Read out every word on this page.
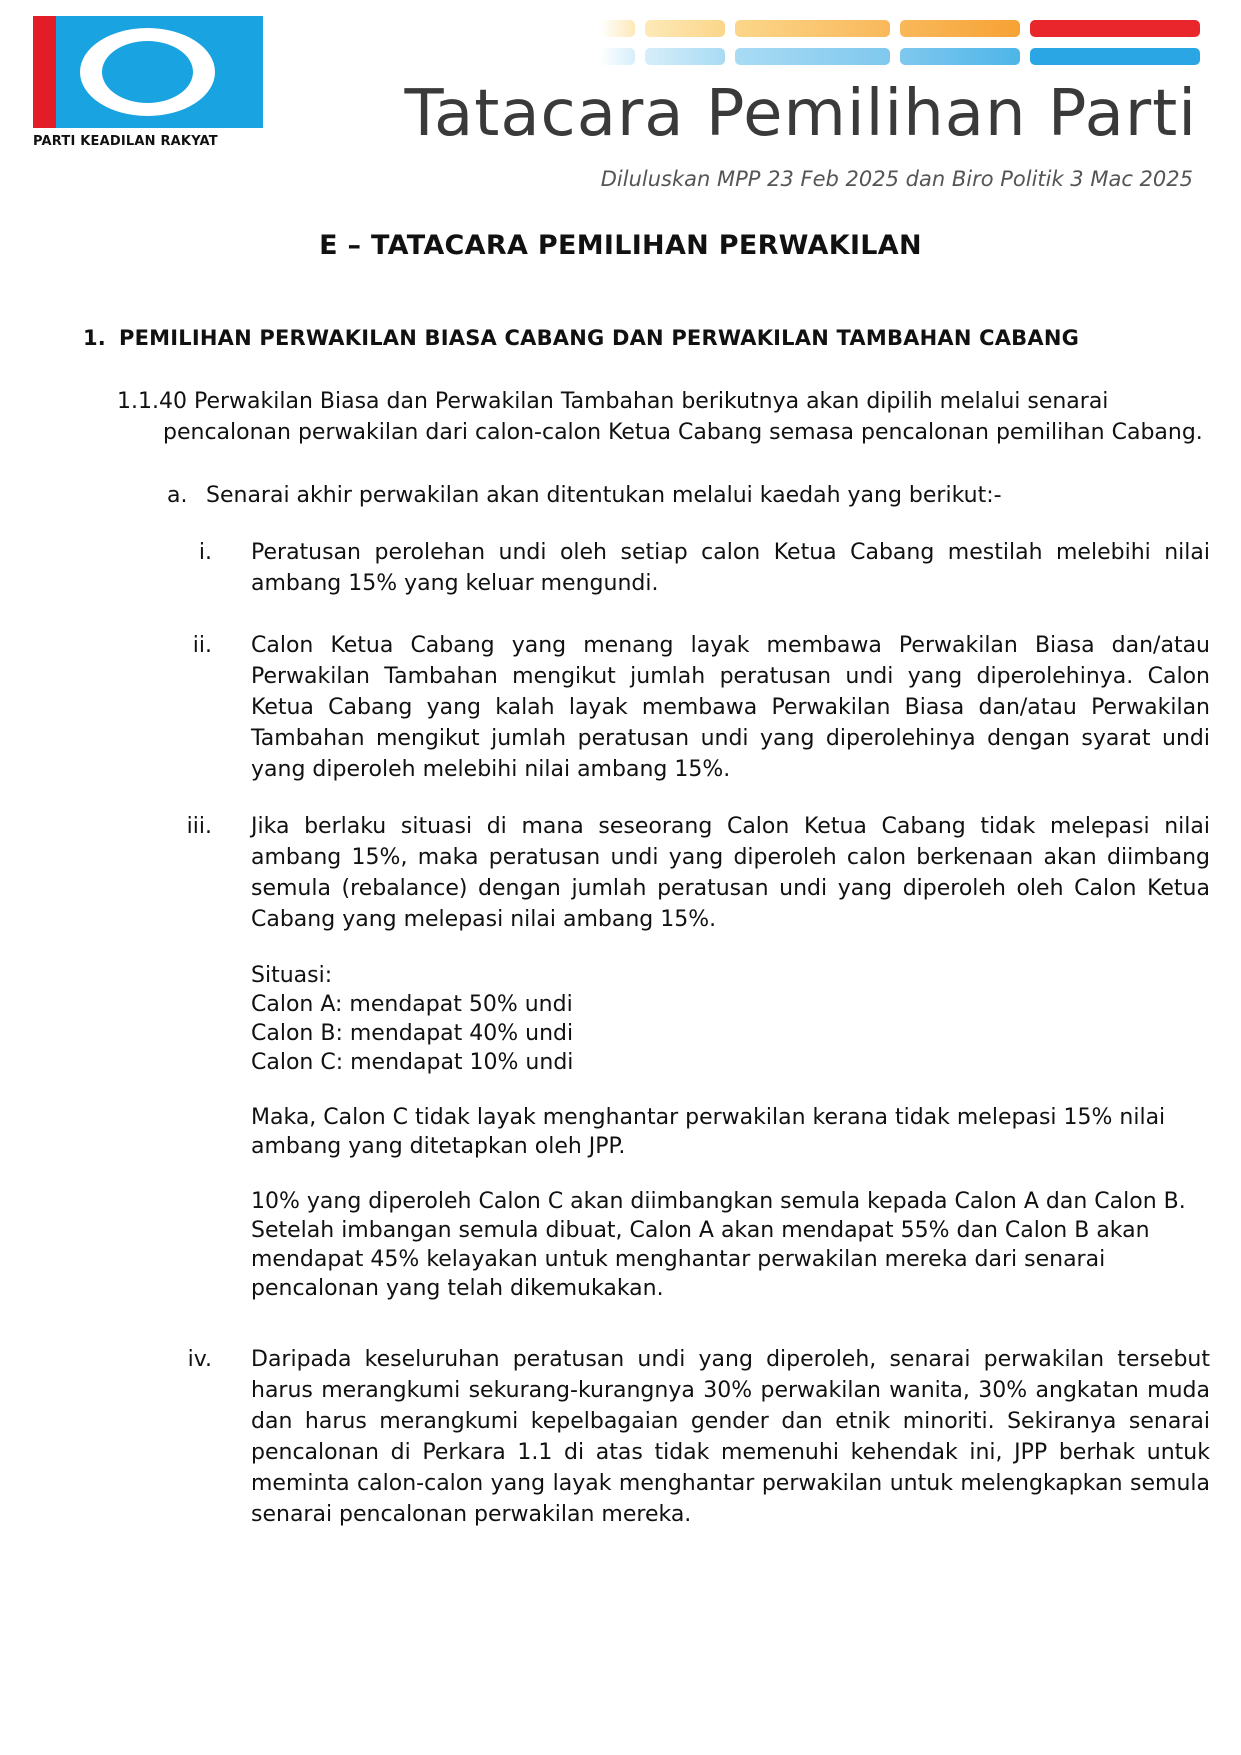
PARTI KEADILAN RAKYAT	Tatacara Pemilihan Parti
Diluluskan MPP 23 Feb 2025 dan Biro Politik 3 Mac 2025
E – TATACARA PEMILIHAN PERWAKILAN
1. PEMILIHAN PERWAKILAN BIASA CABANG DAN PERWAKILAN TAMBAHAN CABANG
1.1.40 Perwakilan Biasa dan Perwakilan Tambahan berikutnya akan dipilih melalui senarai
pencalonan perwakilan dari calon-calon Ketua Cabang semasa pencalonan pemilihan Cabang.
a. Senarai akhir perwakilan akan ditentukan melalui kaedah yang berikut:-
i. Peratusan perolehan undi oleh setiap calon Ketua Cabang mestilah melebihi nilai ambang 15% yang keluar mengundi.
ii. Calon Ketua Cabang yang menang layak membawa Perwakilan Biasa dan/atau Perwakilan Tambahan mengikut jumlah peratusan undi yang diperolehinya. Calon Ketua Cabang yang kalah layak membawa Perwakilan Biasa dan/atau Perwakilan Tambahan mengikut jumlah peratusan undi yang diperolehinya dengan syarat undi yang diperoleh melebihi nilai ambang 15%.
iii. Jika berlaku situasi di mana seseorang Calon Ketua Cabang tidak melepasi nilai ambang 15%, maka peratusan undi yang diperoleh calon berkenaan akan diimbang semula (rebalance) dengan jumlah peratusan undi yang diperoleh oleh Calon Ketua Cabang yang melepasi nilai ambang 15%.
Situasi:
Calon A: mendapat 50% undi
Calon B: mendapat 40% undi
Calon C: mendapat 10% undi
Maka, Calon C tidak layak menghantar perwakilan kerana tidak melepasi 15% nilai ambang yang ditetapkan oleh JPP.
10% yang diperoleh Calon C akan diimbangkan semula kepada Calon A dan Calon B. Setelah imbangan semula dibuat, Calon A akan mendapat 55% dan Calon B akan mendapat 45% kelayakan untuk menghantar perwakilan mereka dari senarai pencalonan yang telah dikemukakan.
iv. Daripada keseluruhan peratusan undi yang diperoleh, senarai perwakilan tersebut harus merangkumi sekurang-kurangnya 30% perwakilan wanita, 30% angkatan muda dan harus merangkumi kepelbagaian gender dan etnik minoriti. Sekiranya senarai pencalonan di Perkara 1.1 di atas tidak memenuhi kehendak ini, JPP berhak untuk meminta calon-calon yang layak menghantar perwakilan untuk melengkapkan semula senarai pencalonan perwakilan mereka.
